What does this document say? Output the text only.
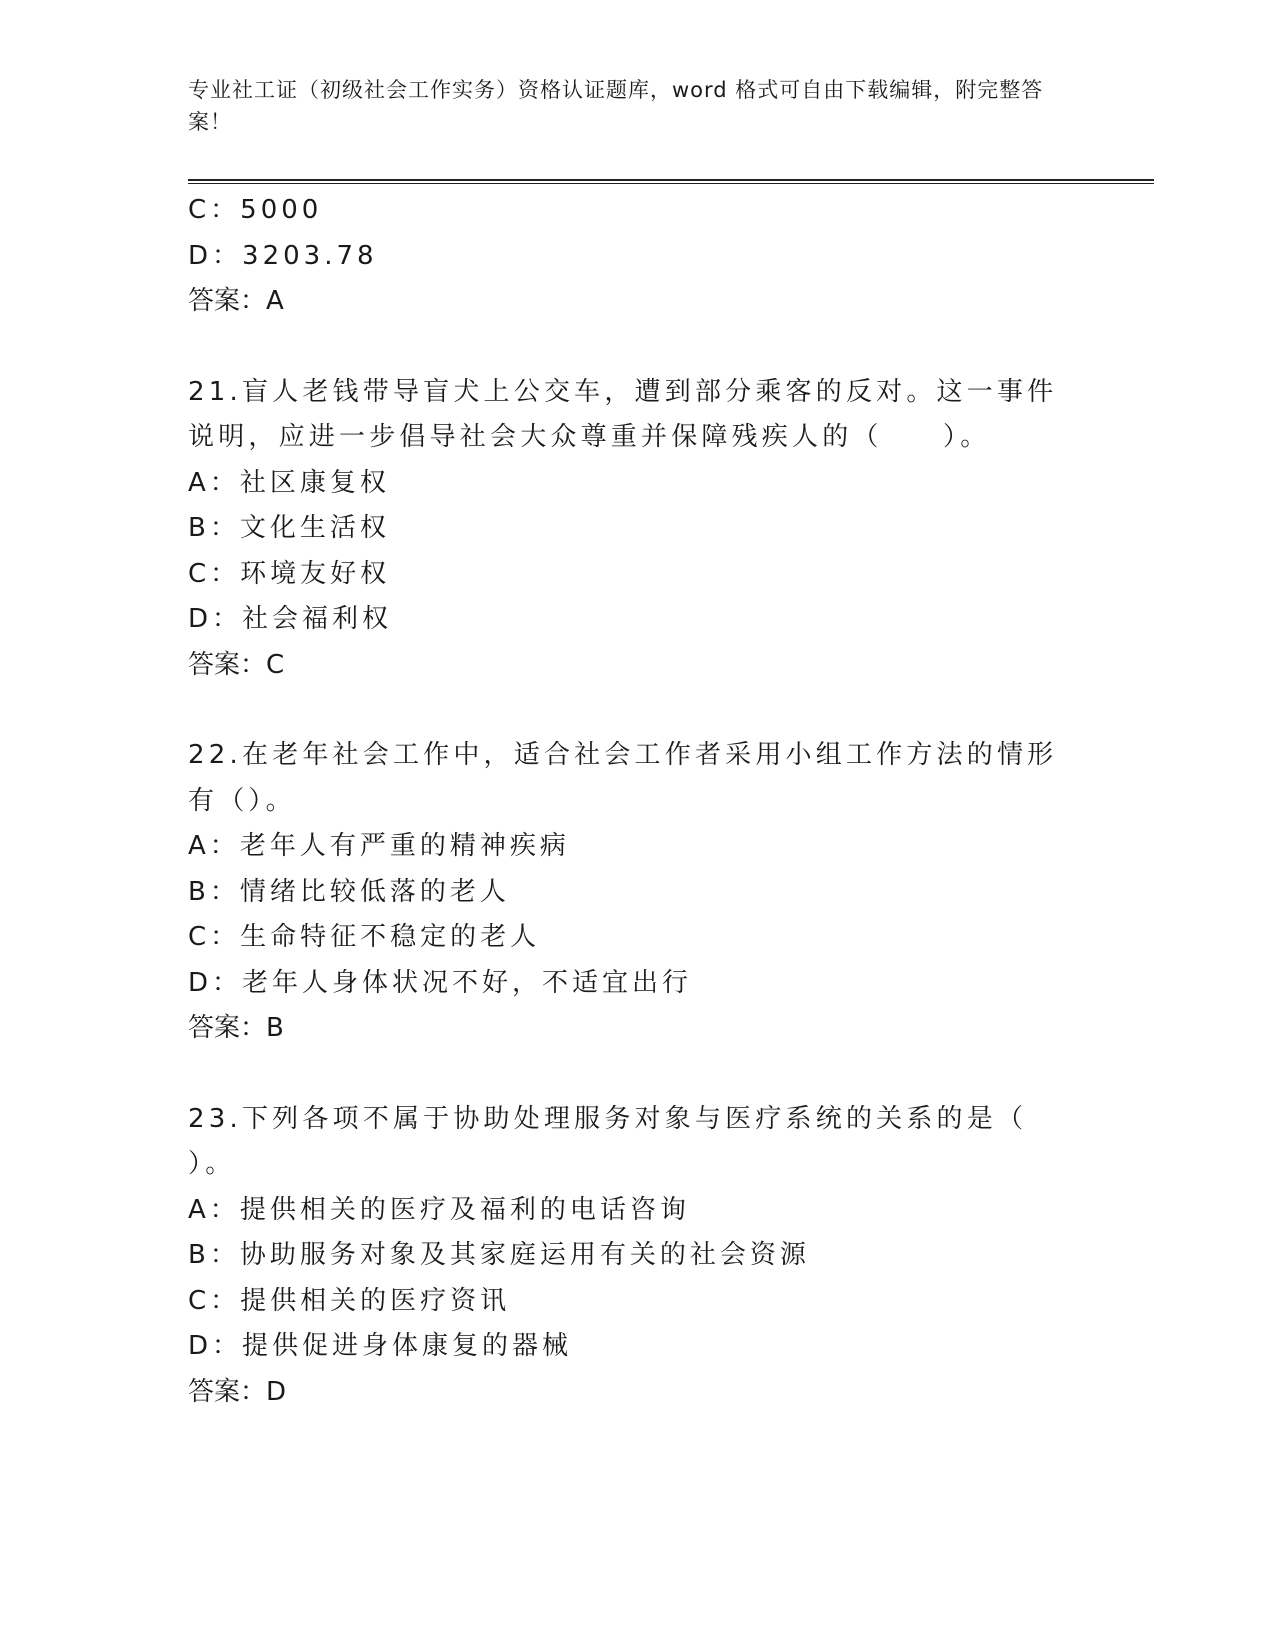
专业社工证（初级社会工作实务）资格认证题库，word 格式可自由下载编辑，附完整答案！

C：5000

D：3203.78

答案：A

21.盲人老钱带导盲犬上公交车，遭到部分乘客的反对。这一事件说明，应进一步倡导社会大众尊重并保障残疾人的（　　）。

A：社区康复权

B：文化生活权

C：环境友好权

D：社会福利权

答案：C

22.在老年社会工作中，适合社会工作者采用小组工作方法的情形有（）。

A：老年人有严重的精神疾病

B：情绪比较低落的老人

C：生命特征不稳定的老人

D：老年人身体状况不好，不适宜出行

答案：B

23.下列各项不属于协助处理服务对象与医疗系统的关系的是（　　）。

A：提供相关的医疗及福利的电话咨询

B：协助服务对象及其家庭运用有关的社会资源

C：提供相关的医疗资讯

D：提供促进身体康复的器械

答案：D
